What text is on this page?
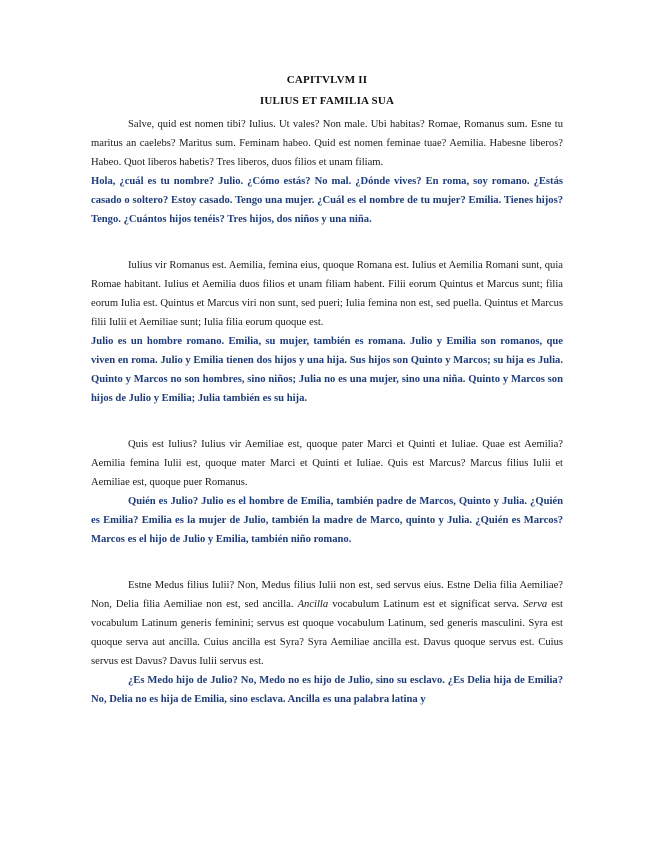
CAPITVLVM II
IULIUS ET FAMILIA SUA

Salve, quid est nomen tibi? Iulius. Ut vales? Non male. Ubi habitas? Romae, Romanus sum. Esne tu maritus an caelebs? Maritus sum. Feminam habeo. Quid est nomen feminae tuae? Aemilia. Habesne liberos? Habeo. Quot liberos habetis? Tres liberos, duos filios et unam filiam.

Hola, ¿cuál es tu nombre? Julio. ¿Cómo estás? No mal. ¿Dónde vives? En roma, soy romano. ¿Estás casado o soltero? Estoy casado. Tengo una mujer. ¿Cuál es el nombre de tu mujer? Emilia. Tienes hijos? Tengo. ¿Cuántos hijos tenéis? Tres hijos, dos niños y una niña.

Iulius vir Romanus est. Aemilia, femina eius, quoque Romana est. Iulius et Aemilia Romani sunt, quia Romae habitant. Iulius et Aemilia duos filios et unam filiam habent. Filii eorum Quintus et Marcus sunt; filia eorum Iulia est. Quintus et Marcus viri non sunt, sed pueri; Iulia femina non est, sed puella. Quintus et Marcus filii Iulii et Aemiliae sunt; Iulia filia eorum quoque est.

Julio es un hombre romano. Emilia, su mujer, también es romana. Julio y Emilia son romanos, que viven en roma. Julio y Emilia tienen dos hijos y una hija. Sus hijos son Quinto y Marcos; su hija es Julia. Quinto y Marcos no son hombres, sino niños; Julia no es una mujer, sino una niña. Quinto y Marcos son hijos de Julio y Emilia; Julia también es su hija.

Quis est Iulius? Iulius vir Aemiliae est, quoque pater Marci et Quinti et Iuliae. Quae est Aemilia? Aemilia femina Iulii est, quoque mater Marci et Quinti et Iuliae. Quis est Marcus? Marcus filius Iulii et Aemiliae est, quoque puer Romanus.

Quién es Julio? Julio es el hombre de Emilia, también padre de Marcos, Quinto y Julia. ¿Quién es Emilia? Emilia es la mujer de Julio, también la madre de Marco, quinto y Julia. ¿Quién es Marcos? Marcos es el hijo de Julio y Emilia, también niño romano.

Estne Medus filius Iulii? Non, Medus filius Iulii non est, sed servus eius. Estne Delia filia Aemiliae? Non, Delia filia Aemiliae non est, sed ancilla. Ancilla vocabulum Latinum est et significat serva. Serva est vocabulum Latinum generis feminini; servus est quoque vocabulum Latinum, sed generis masculini. Syra est quoque serva aut ancilla. Cuius ancilla est Syra? Syra Aemiliae ancilla est. Davus quoque servus est. Cuius servus est Davus? Davus Iulii servus est.

¿Es Medo hijo de Julio? No, Medo no es hijo de Julio, sino su esclavo. ¿Es Delia hija de Emilia? No, Delia no es hija de Emilia, sino esclava. Ancilla es una palabra latina y
